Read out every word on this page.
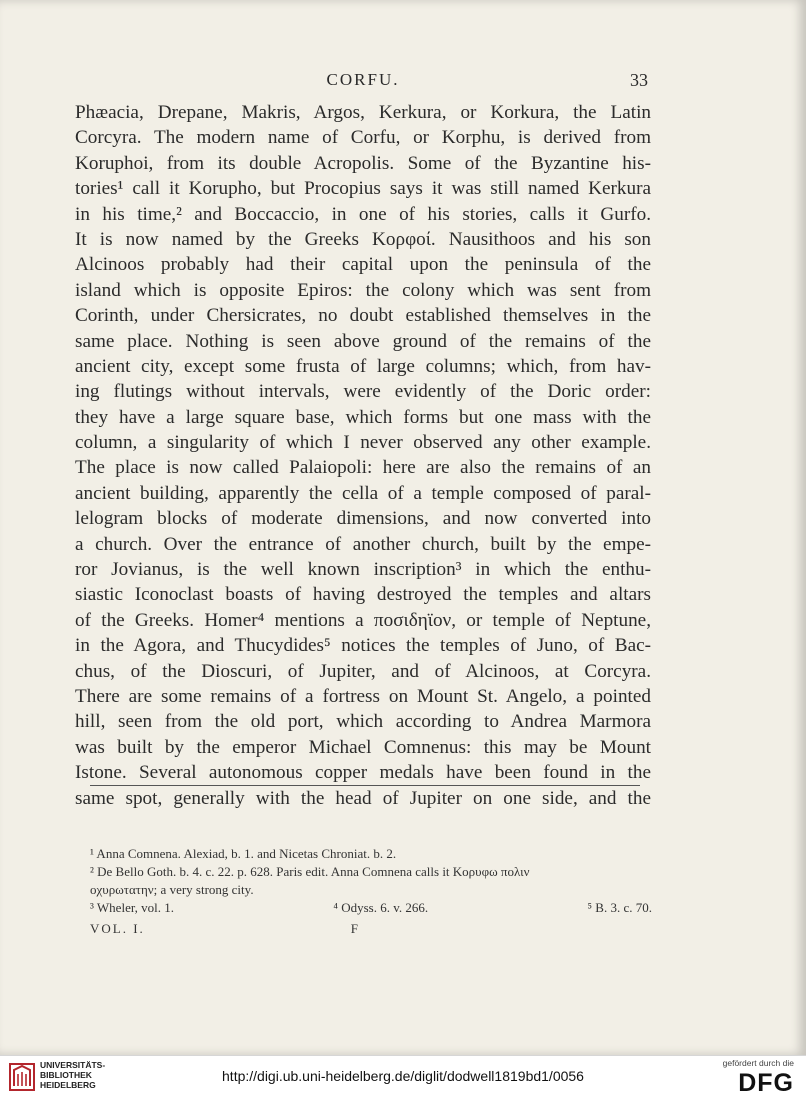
CORFU.	33
Phæacia, Drepane, Makris, Argos, Kerkura, or Korkura, the Latin
Corcyra. The modern name of Corfu, or Korphu, is derived from
Koruphoi, from its double Acropolis. Some of the Byzantine his-
tories¹ call it Korupho, but Procopius says it was still named Kerkura
in his time,² and Boccaccio, in one of his stories, calls it Gurfo.
It is now named by the Greeks Κορφοί. Nausithoos and his son
Alcinoos probably had their capital upon the peninsula of the
island which is opposite Epiros: the colony which was sent from
Corinth, under Chersicrates, no doubt established themselves in the
same place. Nothing is seen above ground of the remains of the
ancient city, except some frusta of large columns; which, from hav-
ing flutings without intervals, were evidently of the Doric order:
they have a large square base, which forms but one mass with the
column, a singularity of which I never observed any other example.
The place is now called Palaiopoli: here are also the remains of an
ancient building, apparently the cella of a temple composed of paral-
lelogram blocks of moderate dimensions, and now converted into
a church. Over the entrance of another church, built by the empe-
ror Jovianus, is the well known inscription³ in which the enthu-
siastic Iconoclast boasts of having destroyed the temples and altars
of the Greeks. Homer⁴ mentions a ποσιδηϊον, or temple of Neptune,
in the Agora, and Thucydides⁵ notices the temples of Juno, of Bac-
chus, of the Dioscuri, of Jupiter, and of Alcinoos, at Corcyra.
There are some remains of a fortress on Mount St. Angelo, a pointed
hill, seen from the old port, which according to Andrea Marmora
was built by the emperor Michael Comnenus: this may be Mount
Istone. Several autonomous copper medals have been found in the
same spot, generally with the head of Jupiter on one side, and the
¹ Anna Comnena. Alexiad, b. 1. and Nicetas Chroniat. b. 2.
² De Bello Goth. b. 4. c. 22. p. 628. Paris edit. Anna Comnena calls it Κορυφω πολιν
οχυρωτατην; a very strong city.
³ Wheler, vol. 1.	⁴ Odyss. 6. v. 266.	⁵ B. 3. c. 70.
VOL. I.	F
UNIVERSITÄTS-
BIBLIOTHEK
HEIDELBERG
http://digi.ub.uni-heidelberg.de/diglit/dodwell1819bd1/0056
gefördert durch die
DFG
